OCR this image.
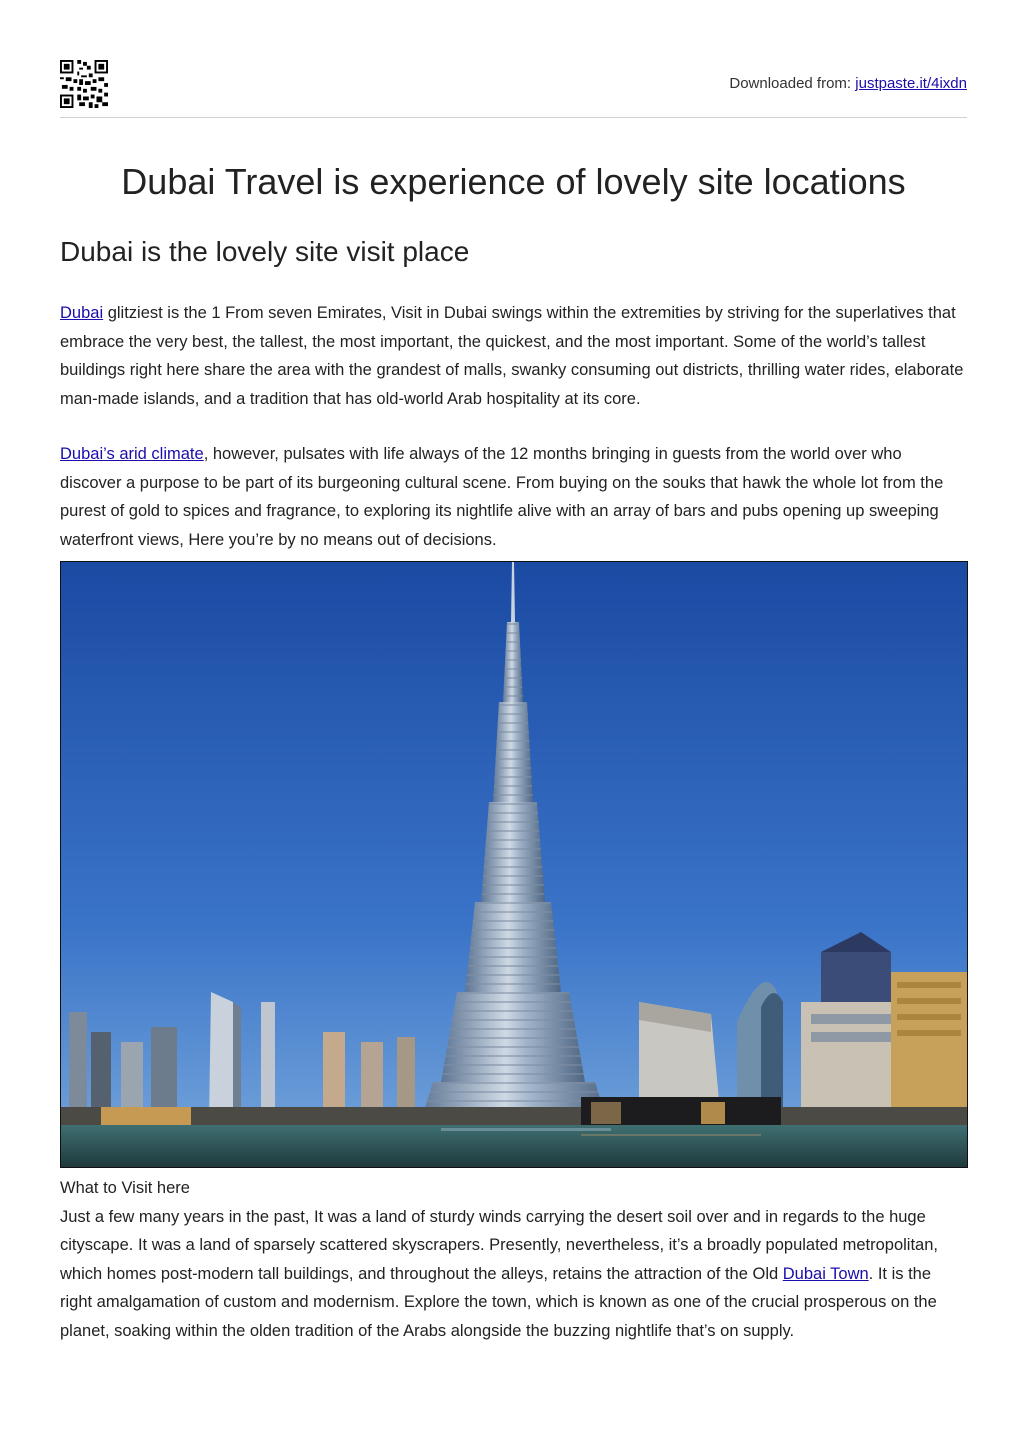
Downloaded from: justpaste.it/4ixdn
Dubai Travel is experience of lovely site locations
Dubai is the lovely site visit place

Dubai glitziest is the 1 From seven Emirates, Visit in Dubai swings within the extremities by striving for the superlatives that embrace the very best, the tallest, the most important, the quickest, and the most important. Some of the world’s tallest buildings right here share the area with the grandest of malls, swanky consuming out districts, thrilling water rides, elaborate man-made islands, and a tradition that has old-world Arab hospitality at its core.

Dubai’s arid climate, however, pulsates with life always of the 12 months bringing in guests from the world over who discover a purpose to be part of its burgeoning cultural scene. From buying on the souks that hawk the whole lot from the purest of gold to spices and fragrance, to exploring its nightlife alive with an array of bars and pubs opening up sweeping waterfront views, Here you’re by no means out of decisions.

What to Visit here
Just a few many years in the past, It was a land of sturdy winds carrying the desert soil over and in regards to the huge cityscape. It was a land of sparsely scattered skyscrapers. Presently, nevertheless, it’s a broadly populated metropolitan, which homes post-modern tall buildings, and throughout the alleys, retains the attraction of the Old Dubai Town. It is the right amalgamation of custom and modernism. Explore the town, which is known as one of the crucial prosperous on the planet, soaking within the olden tradition of the Arabs alongside the buzzing nightlife that’s on supply.
